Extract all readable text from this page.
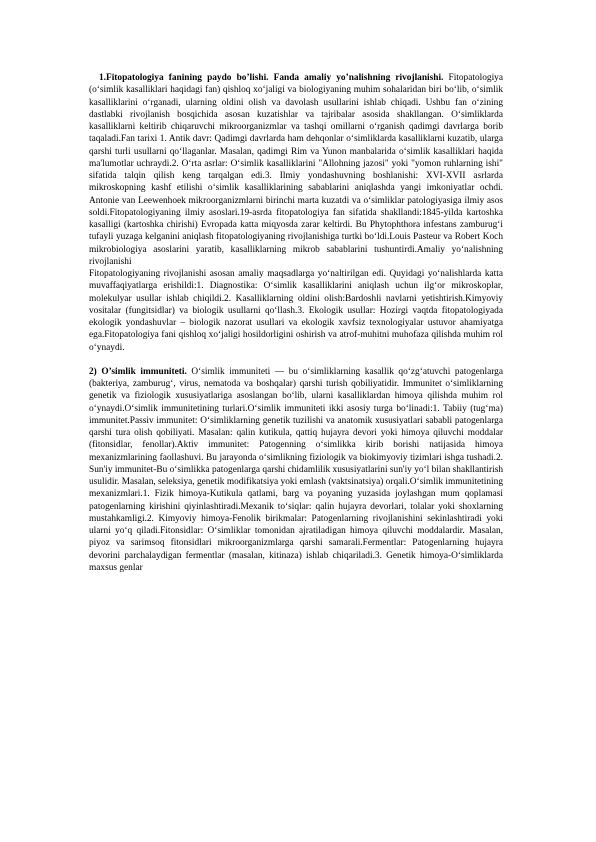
1.Fitopatologiya fanining paydo bo’lishi. Fanda amaliy yo’nalishning rivojlanishi. Fitopatologiya (o‘simlik kasalliklari haqidagi fan) qishloq xo‘jaligi va biologiyaning muhim sohalaridan biri bo‘lib, o‘simlik kasalliklarini o‘rganadi, ularning oldini olish va davolash usullarini ishlab chiqadi. Ushbu fan o‘zining dastlabki rivojlanish bosqichida asosan kuzatishlar va tajribalar asosida shakllangan. O‘simliklarda kasalliklarni keltirib chiqaruvchi mikroorganizmlar va tashqi omillarni o‘rganish qadimgi davrlarga borib taqaladi.Fan tarixi 1. Antik davr: Qadimgi davrlarda ham dehqonlar o‘simliklarda kasalliklarni kuzatib, ularga qarshi turli usullarni qo‘llaganlar. Masalan, qadimgi Rim va Yunon manbalarida o‘simlik kasalliklari haqida ma'lumotlar uchraydi.2. O‘rta asrlar: O‘simlik kasalliklarini "Allohning jazosi" yoki "yomon ruhlarning ishi" sifatida talqin qilish keng tarqalgan edi.3. Ilmiy yondashuvning boshlanishi: XVI-XVII asrlarda mikroskopning kashf etilishi o‘simlik kasalliklarining sabablarini aniqlashda yangi imkoniyatlar ochdi. Antonie van Leewenhoek mikroorganizmlarni birinchi marta kuzatdi va o‘simliklar patologiyasiga ilmiy asos soldi.Fitopatologiyaning ilmiy asoslari.19-asrda fitopatologiya fan sifatida shakllandi:1845-yilda kartoshka kasalligi (kartoshka chirishi) Evropada katta miqyosda zarar keltirdi. Bu Phytophthora infestans zamburug‘i tufayli yuzaga kelganini aniqlash fitopatologiyaning rivojlanishiga turtki bo‘ldi.Louis Pasteur va Robert Koch mikrobiologiya asoslarini yaratib, kasalliklarning mikrob sabablarini tushuntirdi.Amaliy yo‘nalishning rivojlanishi

Fitopatologiyaning rivojlanishi asosan amaliy maqsadlarga yo‘naltirilgan edi. Quyidagi yo‘nalishlarda katta muvaffaqiyatlarga erishildi:1. Diagnostika: O‘simlik kasalliklarini aniqlash uchun ilg‘or mikroskoplar, molekulyar usullar ishlab chiqildi.2. Kasalliklarning oldini olish:Bardoshli navlarni yetishtirish.Kimyoviy vositalar (fungitsidlar) va biologik usullarni qo‘llash.3. Ekologik usullar: Hozirgi vaqtda fitopatologiyada ekologik yondashuvlar – biologik nazorat usullari va ekologik xavfsiz texnologiyalar ustuvor ahamiyatga ega.Fitopatologiya fani qishloq xo‘jaligi hosildorligini oshirish va atrof-muhitni muhofaza qilishda muhim rol o‘ynaydi.

2) O’simlik immuniteti. O‘simlik immuniteti — bu o‘simliklarning kasallik qo‘zg‘atuvchi patogenlarga (bakteriya, zamburug‘, virus, nematoda va boshqalar) qarshi turish qobiliyatidir. Immunitet o‘simliklarning genetik va fiziologik xususiyatlariga asoslangan bo‘lib, ularni kasalliklardan himoya qilishda muhim rol o‘ynaydi.O‘simlik immunitetining turlari.O‘simlik immuniteti ikki asosiy turga bo‘linadi:1. Tabiiy (tug‘ma) immunitet.Passiv immunitet: O‘simliklarning genetik tuzilishi va anatomik xususiyatlari sababli patogenlarga qarshi tura olish qobiliyati. Masalan: qalin kutikula, qattiq hujayra devori yoki himoya qiluvchi moddalar (fitonsidlar, fenollar).Aktiv immunitet: Patogenning o‘simlikka kirib borishi natijasida himoya mexanizmlarining faollashuvi. Bu jarayonda o‘simlikning fiziologik va biokimyoviy tizimlari ishga tushadi.2. Sun'iy immunitet-Bu o‘simlikka patogenlarga qarshi chidamlilik xususiyatlarini sun'iy yo‘l bilan shakllantirish usulidir. Masalan, seleksiya, genetik modifikatsiya yoki emlash (vaktsinatsiya) orqali.O‘simlik immunitetining mexanizmlari.1. Fizik himoya-Kutikula qatlami, barg va poyaning yuzasida joylashgan mum qoplamasi patogenlarning kirishini qiyinlashtiradi.Mexanik to‘siqlar: qalin hujayra devorlari, tolalar yoki shoxlarning mustahkamligi.2. Kimyoviy himoya-Fenolik birikmalar: Patogenlarning rivojlanishini sekinlashtiradi yoki ularni yo‘q qiladi.Fitonsidlar: O‘simliklar tomonidan ajratiladigan himoya qiluvchi moddalardir. Masalan, piyoz va sarimsoq fitonsidlari mikroorganizmlarga qarshi samarali.Fermentlar: Patogenlarning hujayra devorini parchalaydigan fermentlar (masalan, kitinaza) ishlab chiqariladi.3. Genetik himoya-O‘simliklarda maxsus genlar
